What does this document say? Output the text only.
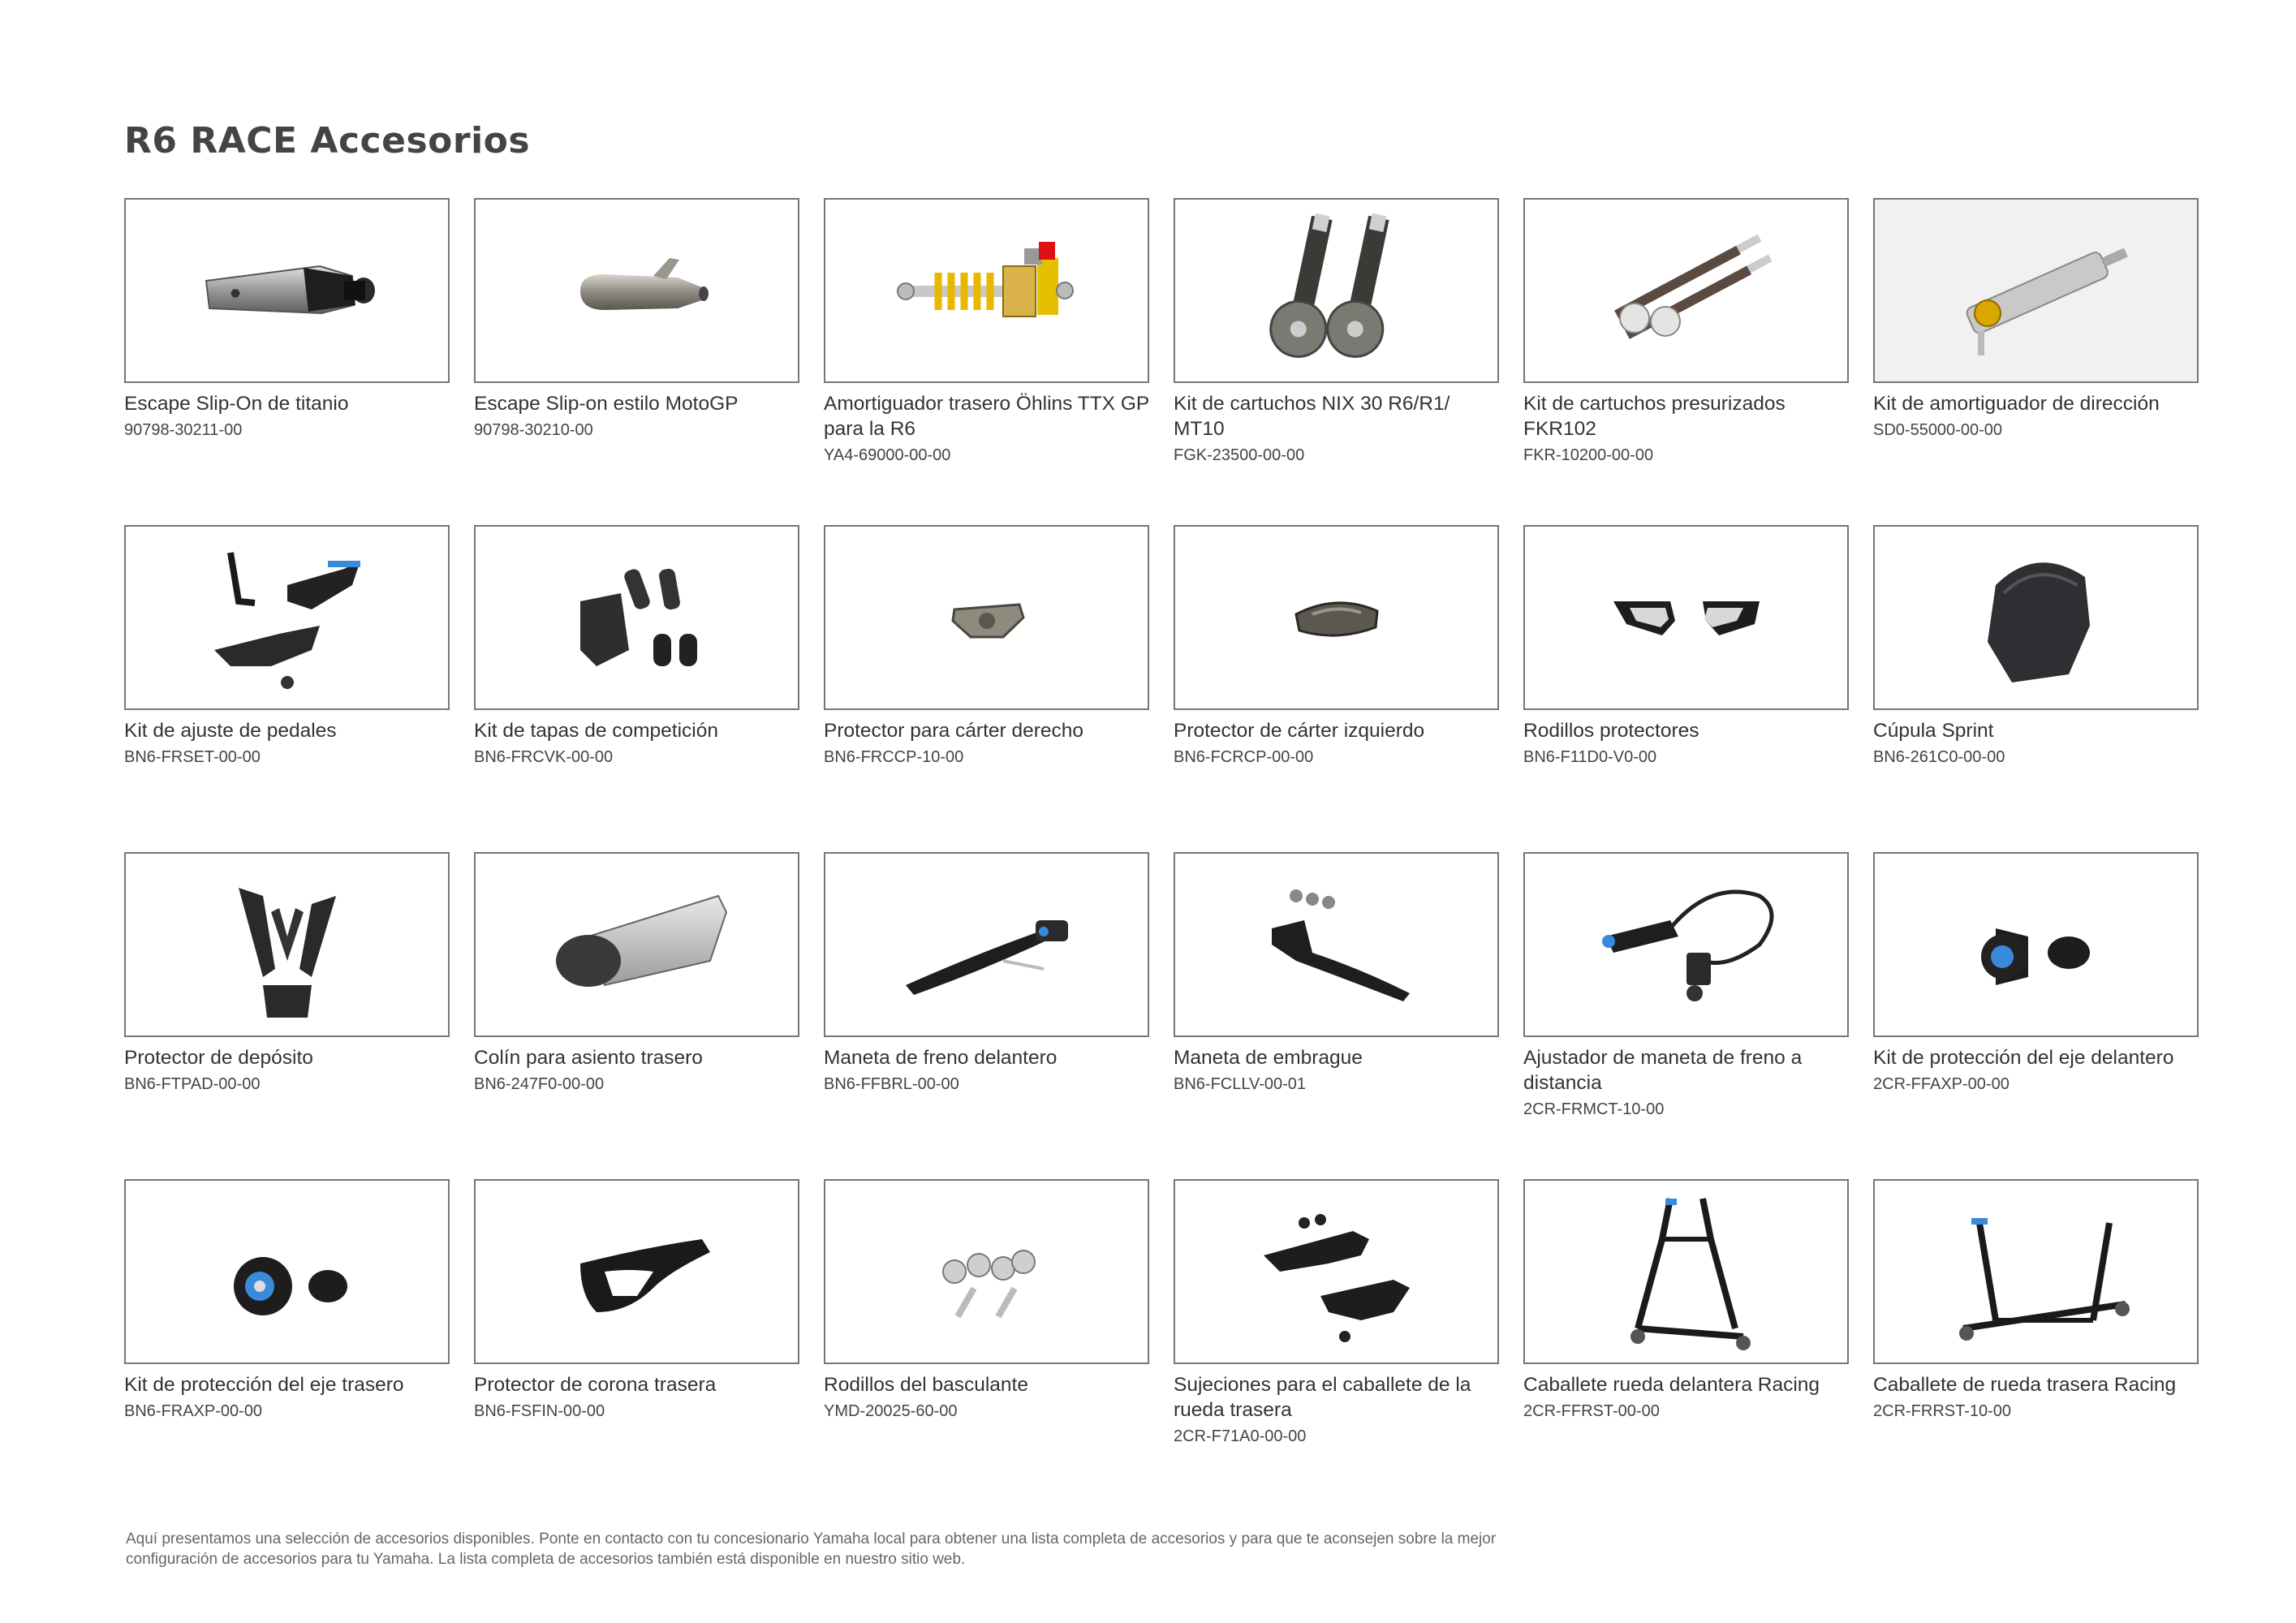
R6 RACE Accesorios
⬣
Escape Slip-On de titanio
90798-30211-00
Escape Slip-on estilo MotoGP
90798-30210-00
Amortiguador trasero Öhlins TTX GP para la R6
YA4-69000-00-00
Kit de cartuchos NIX 30 R6/R1/ MT10
FGK-23500-00-00
Kit de cartuchos presurizados FKR102
FKR-10200-00-00
Kit de amortiguador de dirección
SD0-55000-00-00
Kit de ajuste de pedales
BN6-FRSET-00-00
Kit de tapas de competición
BN6-FRCVK-00-00
Protector para cárter derecho
BN6-FRCCP-10-00
Protector de cárter izquierdo
BN6-FCRCP-00-00
Rodillos protectores
BN6-F11D0-V0-00
Cúpula Sprint
BN6-261C0-00-00
Protector de depósito
BN6-FTPAD-00-00
Colín para asiento trasero
BN6-247F0-00-00
Maneta de freno delantero
BN6-FFBRL-00-00
Maneta de embrague
BN6-FCLLV-00-01
Ajustador de maneta de freno a distancia
2CR-FRMCT-10-00
Kit de protección del eje delantero
2CR-FFAXP-00-00
Kit de protección del eje trasero
BN6-FRAXP-00-00
Protector de corona trasera
BN6-FSFIN-00-00
Rodillos del basculante
YMD-20025-60-00
Sujeciones para el caballete de la rueda trasera
2CR-F71A0-00-00
Caballete rueda delantera Racing
2CR-FFRST-00-00
Caballete de rueda trasera Racing
2CR-FRRST-10-00

Aquí presentamos una selección de accesorios disponibles. Ponte en contacto con tu concesionario Yamaha local para obtener una lista completa de accesorios y para que te aconsejen sobre la mejor configuración de accesorios para tu Yamaha. La lista completa de accesorios también está disponible en nuestro sitio web.
